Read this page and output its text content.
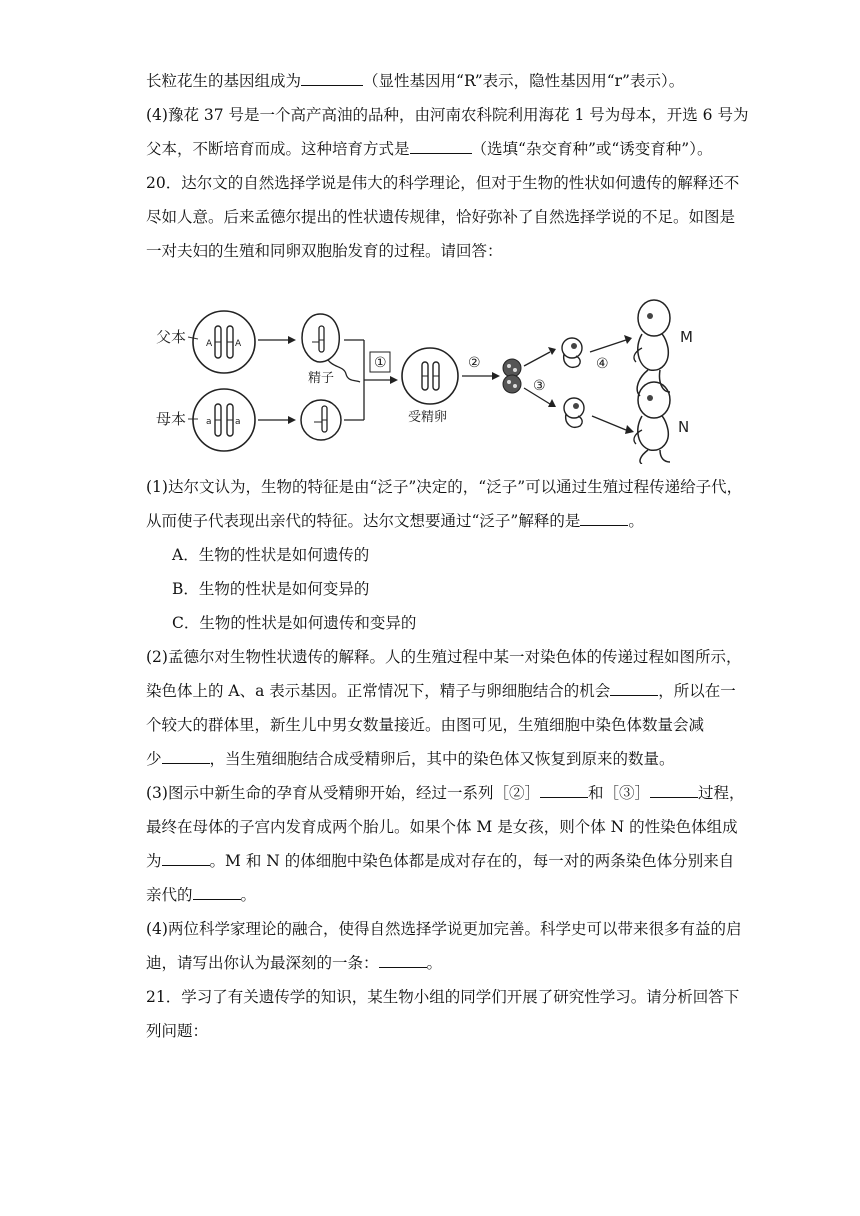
长粒花生的基因组成为	（显性基因用“R”表示，隐性基因用“r”表示）。
(4)豫花 37 号是一个高产高油的品种，由河南农科院利用海花 1 号为母本，开选 6 号为
父本，不断培育而成。这种培育方式是	（选填“杂交育种”或“诱变育种”）。
20．达尔文的自然选择学说是伟大的科学理论，但对于生物的性状如何遗传的解释还不
尽如人意。后来孟德尔提出的性状遗传规律，恰好弥补了自然选择学说的不足。如图是
一对夫妇的生殖和同卵双胞胎发育的过程。请回答：
父本
母本
A	A
a	a
精子
①
受精卵
②
③
④
M
N
(1)达尔文认为，生物的特征是由“泛子”决定的，“泛子”可以通过生殖过程传递给子代，
从而使子代表现出亲代的特征。达尔文想要通过“泛子”解释的是	。
A．生物的性状是如何遗传的
B．生物的性状是如何变异的
C．生物的性状是如何遗传和变异的
(2)孟德尔对生物性状遗传的解释。人的生殖过程中某一对染色体的传递过程如图所示，
染色体上的 A、a 表示基因。正常情况下，精子与卵细胞结合的机会	，所以在一
个较大的群体里，新生儿中男女数量接近。由图可见，生殖细胞中染色体数量会减
少	，当生殖细胞结合成受精卵后，其中的染色体又恢复到原来的数量。
(3)图示中新生命的孕育从受精卵开始，经过一系列［②］	和［③］	过程，
最终在母体的子宫内发育成两个胎儿。如果个体 M 是女孩，则个体 N 的性染色体组成
为	。M 和 N 的体细胞中染色体都是成对存在的，每一对的两条染色体分别来自
亲代的	。
(4)两位科学家理论的融合，使得自然选择学说更加完善。科学史可以带来很多有益的启
迪，请写出你认为最深刻的一条：	。
21．学习了有关遗传学的知识，某生物小组的同学们开展了研究性学习。请分析回答下
列问题：
